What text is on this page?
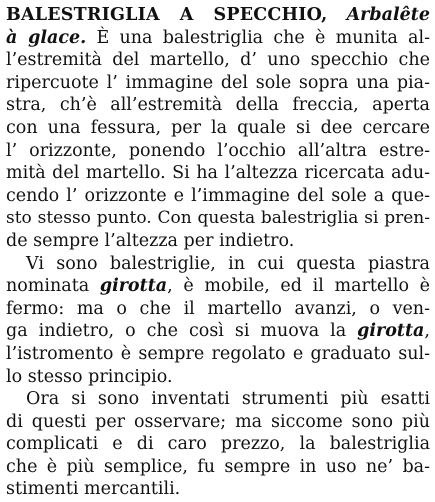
BALESTRIGLIA A SPECCHIO, Arbalête
à glace. È una balestriglia che è munita al-
l’estremità del martello, d’ uno specchio che
ripercuote l’ immagine del sole sopra una pia-
stra, ch’è all’estremità della freccia, aperta
con una fessura, per la quale si dee cercare
l’ orizzonte, ponendo l’occhio all’altra estre-
mità del martello. Si ha l’altezza ricercata adu-
cendo l’ orizzonte e l’immagine del sole a que-
sto stesso punto. Con questa balestriglia si pren-
de sempre l’altezza per indietro.
Vi sono balestriglie, in cui questa piastra
nominata girotta, è mobile, ed il martello è
fermo: ma o che il martello avanzi, o ven-
ga indietro, o che così si muova la girotta,
l’istromento è sempre regolato e graduato sul-
lo stesso principio.
Ora si sono inventati strumenti più esatti
di questi per osservare; ma siccome sono più
complicati e di caro prezzo, la balestriglia
che è più semplice, fu sempre in uso ne’ ba-
stimenti mercantili.
